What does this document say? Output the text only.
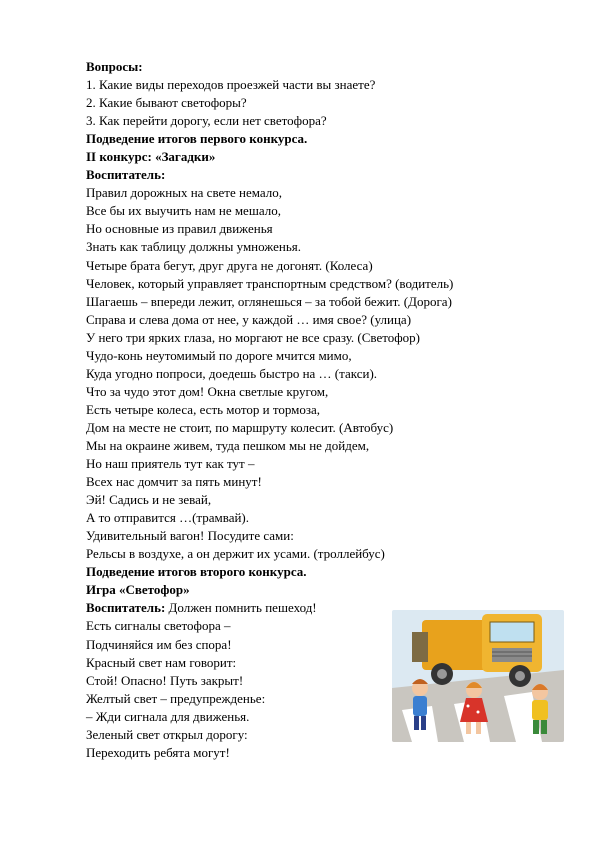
Вопросы:
1. Какие виды переходов проезжей части вы знаете?
2. Какие бывают светофоры?
3. Как перейти дорогу, если нет светофора?
Подведение итогов первого конкурса.
II конкурс: «Загадки»
Воспитатель:
Правил дорожных на свете немало,
Все бы их выучить нам не мешало,
Но основные из правил движенья
Знать как таблицу должны умноженья.
Четыре брата бегут, друг друга не догонят. (Колеса)
Человек, который управляет транспортным средством? (водитель)
Шагаешь – впереди лежит, оглянешься – за тобой бежит. (Дорога)
Справа и слева дома от нее, у каждой … имя свое? (улица)
У него три ярких глаза, но моргают не все сразу. (Светофор)
Чудо-конь неутомимый по дороге мчится мимо,
Куда угодно попроси, доедешь быстро на … (такси).
Что за чудо этот дом! Окна светлые кругом,
Есть четыре колеса, есть мотор и тормоза,
Дом на месте не стоит, по маршруту колесит. (Автобус)
Мы на окраине живем, туда пешком мы не дойдем,
Но наш приятель тут как тут –
Всех нас домчит за пять минут!
Эй! Садись и не зевай,
А то отправится …(трамвай).
Удивительный вагон! Посудите сами:
Рельсы в воздухе, а он держит их усами. (троллейбус)
Подведение итогов второго конкурса.
Игра «Светофор»
Воспитатель: Должен помнить пешеход!
Есть сигналы светофора –
Подчиняйся им без спора!
Красный свет нам говорит:
Стой! Опасно! Путь закрыт!
Желтый свет – предупрежденье:
– Жди сигнала для движенья.
Зеленый свет открыл дорогу:
Переходить ребята могут!
